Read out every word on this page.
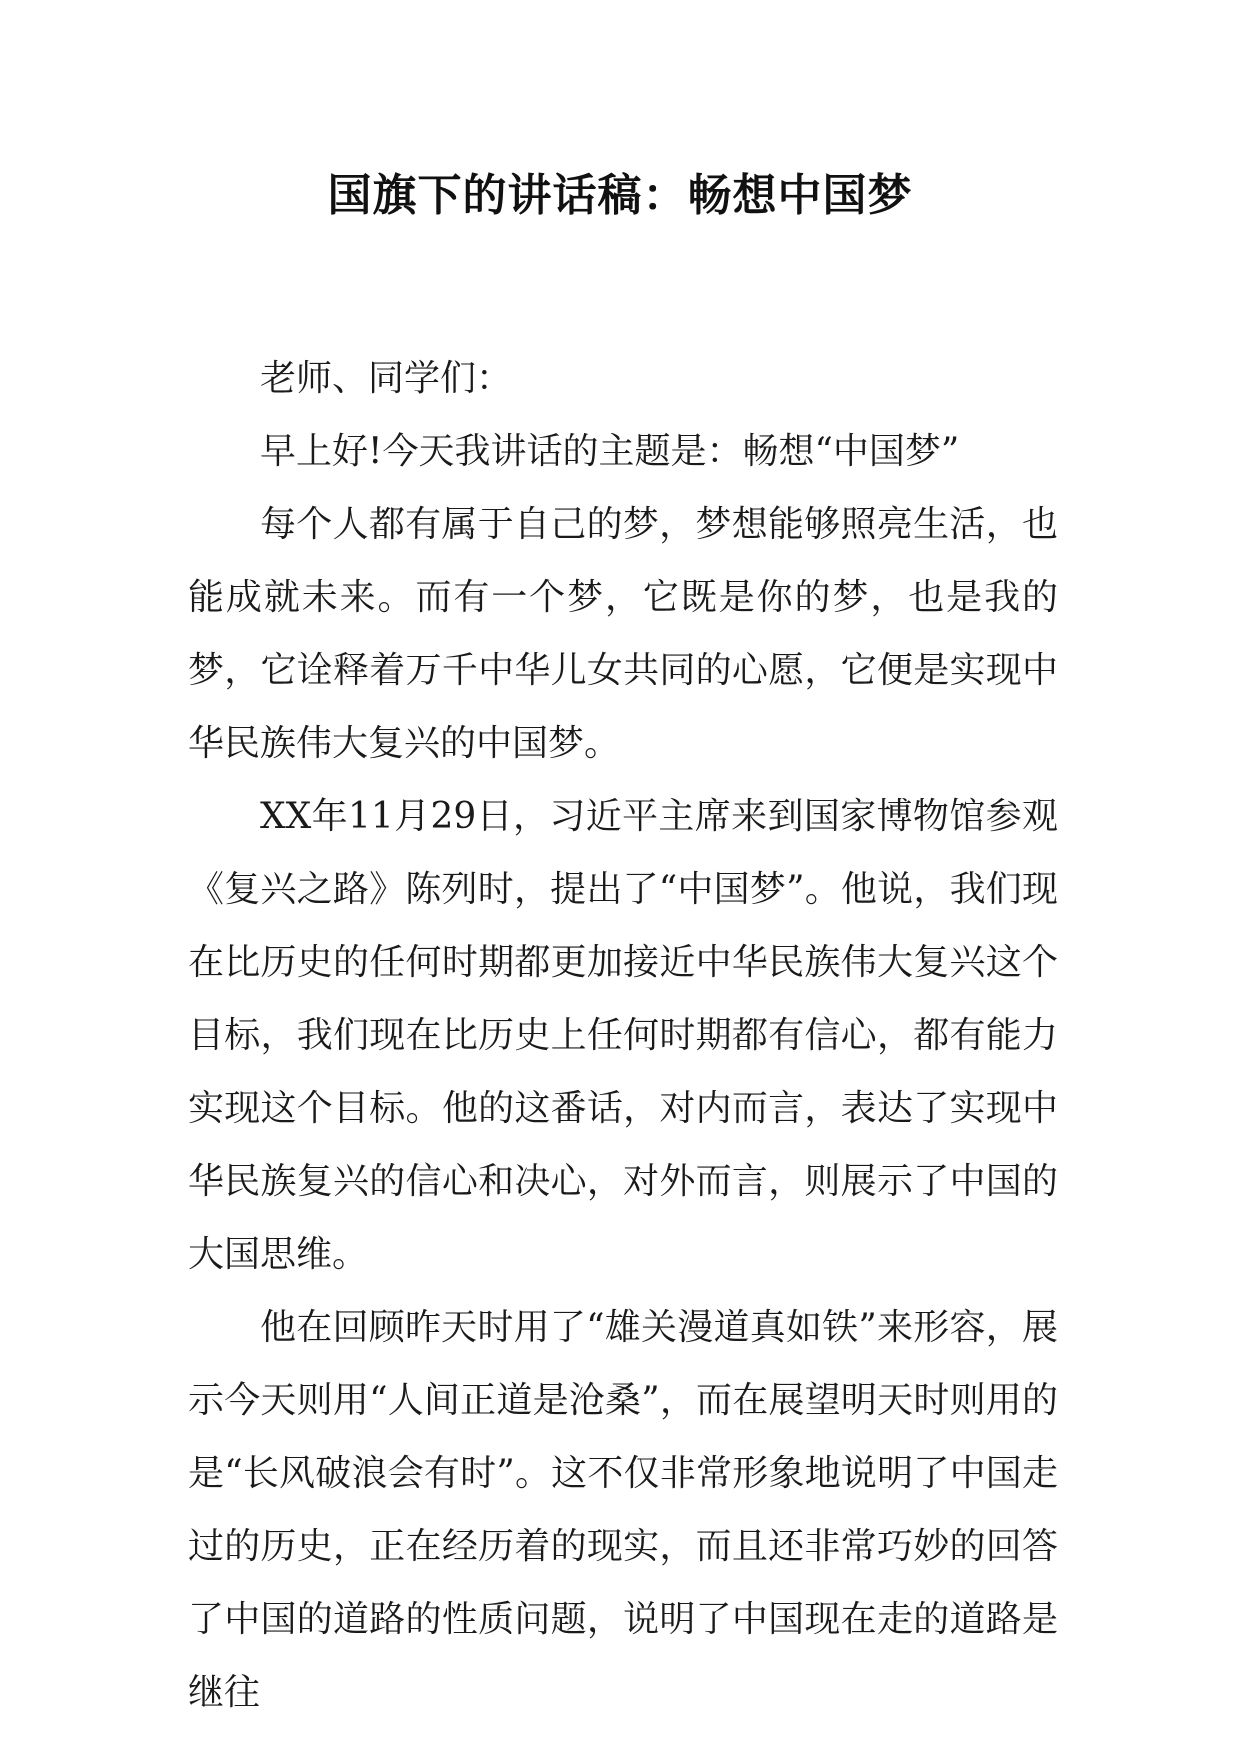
国旗下的讲话稿：畅想中国梦

老师、同学们：

早上好!今天我讲话的主题是：畅想“中国梦”

每个人都有属于自己的梦，梦想能够照亮生活，也能成就未来。而有一个梦，它既是你的梦，也是我的梦，它诠释着万千中华儿女共同的心愿，它便是实现中华民族伟大复兴的中国梦。

XX年11月29日，习近平主席来到国家博物馆参观《复兴之路》陈列时，提出了“中国梦”。他说，我们现在比历史的任何时期都更加接近中华民族伟大复兴这个目标，我们现在比历史上任何时期都有信心，都有能力实现这个目标。他的这番话，对内而言，表达了实现中华民族复兴的信心和决心，对外而言，则展示了中国的大国思维。

他在回顾昨天时用了“雄关漫道真如铁”来形容，展示今天则用“人间正道是沧桑”，而在展望明天时则用的是“长风破浪会有时”。这不仅非常形象地说明了中国走过的历史，正在经历着的现实，而且还非常巧妙的回答了中国的道路的性质问题，说明了中国现在走的道路是继往
